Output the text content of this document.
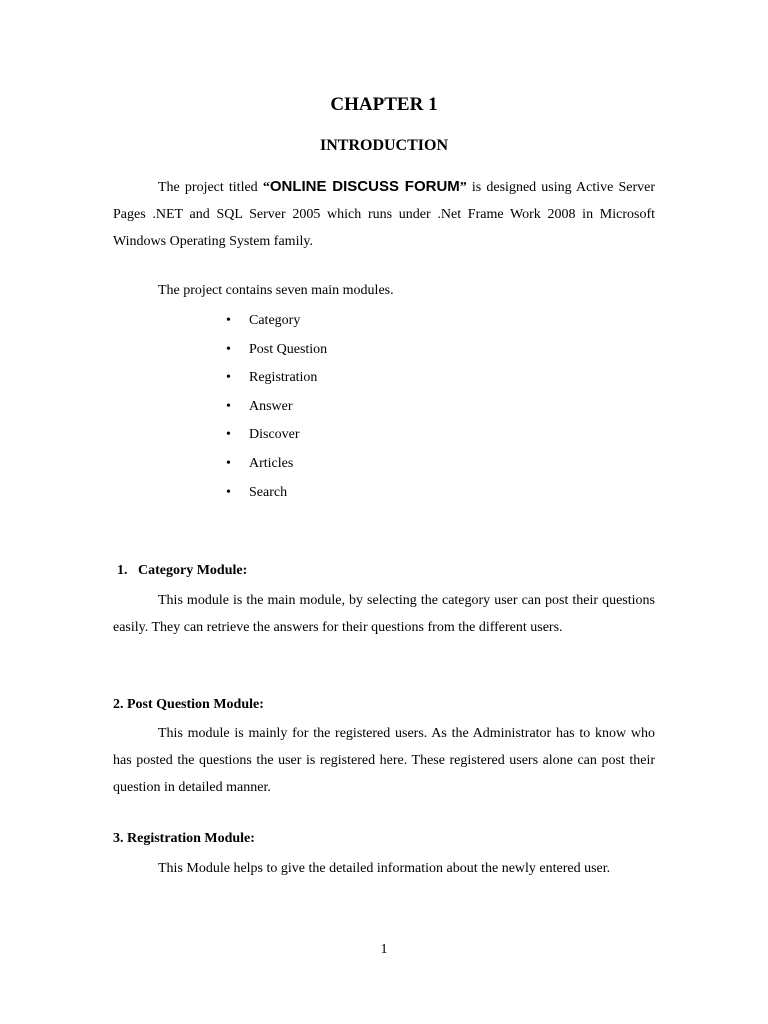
CHAPTER 1
INTRODUCTION
The project titled “ONLINE DISCUSS FORUM” is designed using Active Server Pages .NET and SQL Server 2005 which runs under .Net Frame Work 2008 in Microsoft Windows Operating System family.
The project contains seven main modules.
• Category
• Post Question
• Registration
• Answer
• Discover
• Articles
• Search
1.   Category Module:
This module is the main module, by selecting the category user can post their questions easily. They can retrieve the answers for their questions from the different users.
2. Post Question Module:
This module is mainly for the registered users. As the Administrator has to know who has posted the questions the user is registered here. These registered users alone can post their question in detailed manner.
3. Registration Module:
This Module helps to give the detailed information about the newly entered user.
1
